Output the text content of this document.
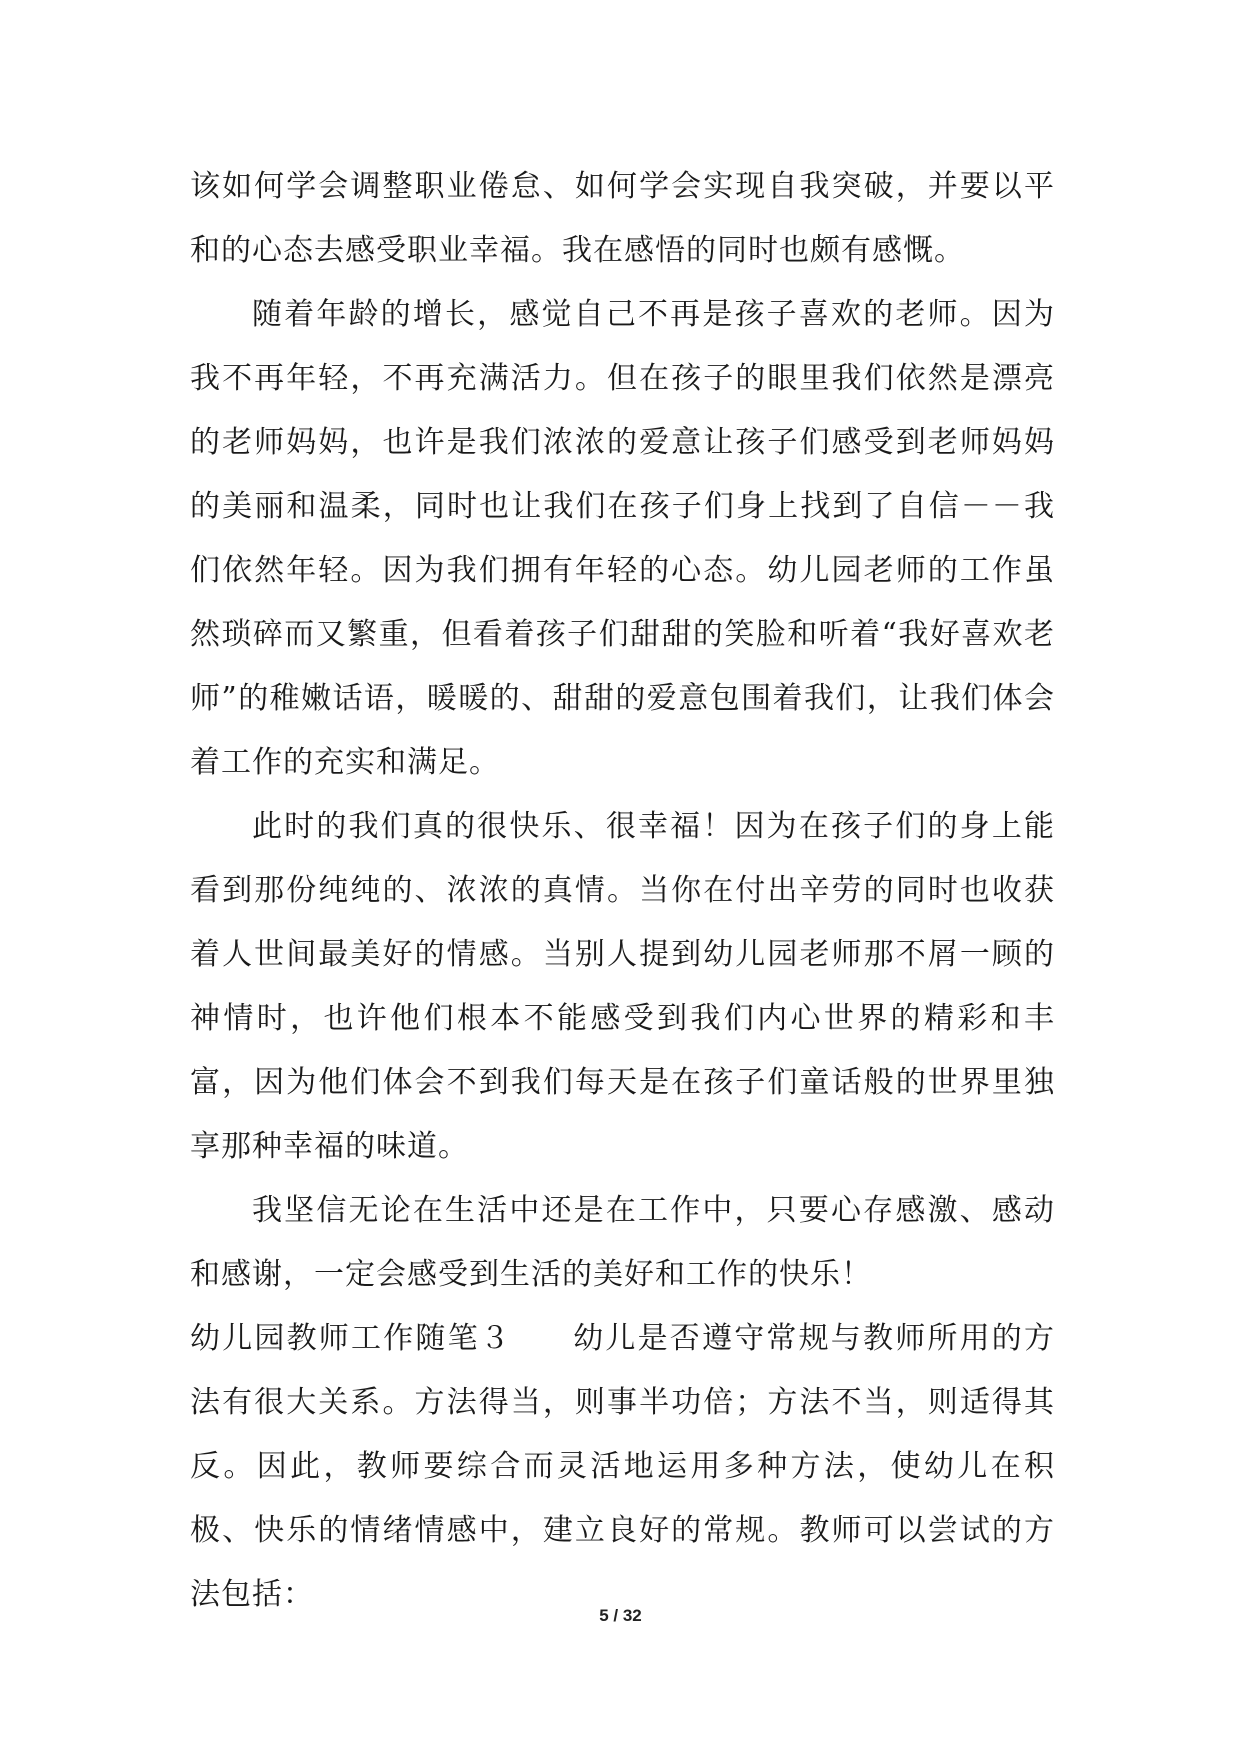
该如何学会调整职业倦怠、如何学会实现自我突破，并要以平和的心态去感受职业幸福。我在感悟的同时也颇有感慨。

随着年龄的增长，感觉自己不再是孩子喜欢的老师。因为我不再年轻，不再充满活力。但在孩子的眼里我们依然是漂亮的老师妈妈，也许是我们浓浓的爱意让孩子们感受到老师妈妈的美丽和温柔，同时也让我们在孩子们身上找到了自信－－我们依然年轻。因为我们拥有年轻的心态。幼儿园老师的工作虽然琐碎而又繁重，但看着孩子们甜甜的笑脸和听着“我好喜欢老师”的稚嫩话语，暖暖的、甜甜的爱意包围着我们，让我们体会着工作的充实和满足。

此时的我们真的很快乐、很幸福！因为在孩子们的身上能看到那份纯纯的、浓浓的真情。当你在付出辛劳的同时也收获着人世间最美好的情感。当别人提到幼儿园老师那不屑一顾的神情时，也许他们根本不能感受到我们内心世界的精彩和丰富，因为他们体会不到我们每天是在孩子们童话般的世界里独享那种幸福的味道。

我坚信无论在生活中还是在工作中，只要心存感激、感动和感谢，一定会感受到生活的美好和工作的快乐！

幼儿园教师工作随笔３ 幼儿是否遵守常规与教师所用的方法有很大关系。方法得当，则事半功倍；方法不当，则适得其反。因此，教师要综合而灵活地运用多种方法，使幼儿在积极、快乐的情绪情感中，建立良好的常规。教师可以尝试的方法包括：

5 / 32
